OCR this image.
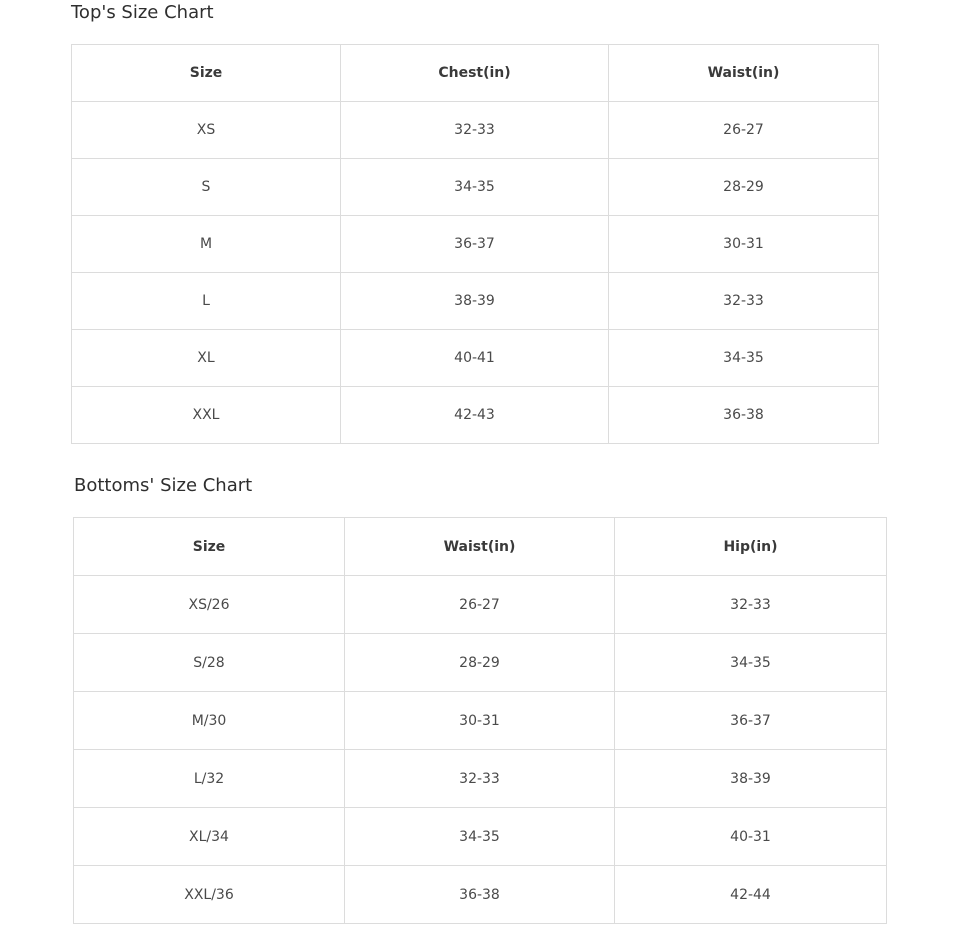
Top's Size Chart
Size	Chest(in)	Waist(in)
XS	32-33	26-27
S	34-35	28-29
M	36-37	30-31
L	38-39	32-33
XL	40-41	34-35
XXL	42-43	36-38
Bottoms' Size Chart
Size	Waist(in)	Hip(in)
XS/26	26-27	32-33
S/28	28-29	34-35
M/30	30-31	36-37
L/32	32-33	38-39
XL/34	34-35	40-31
XXL/36	36-38	42-44
